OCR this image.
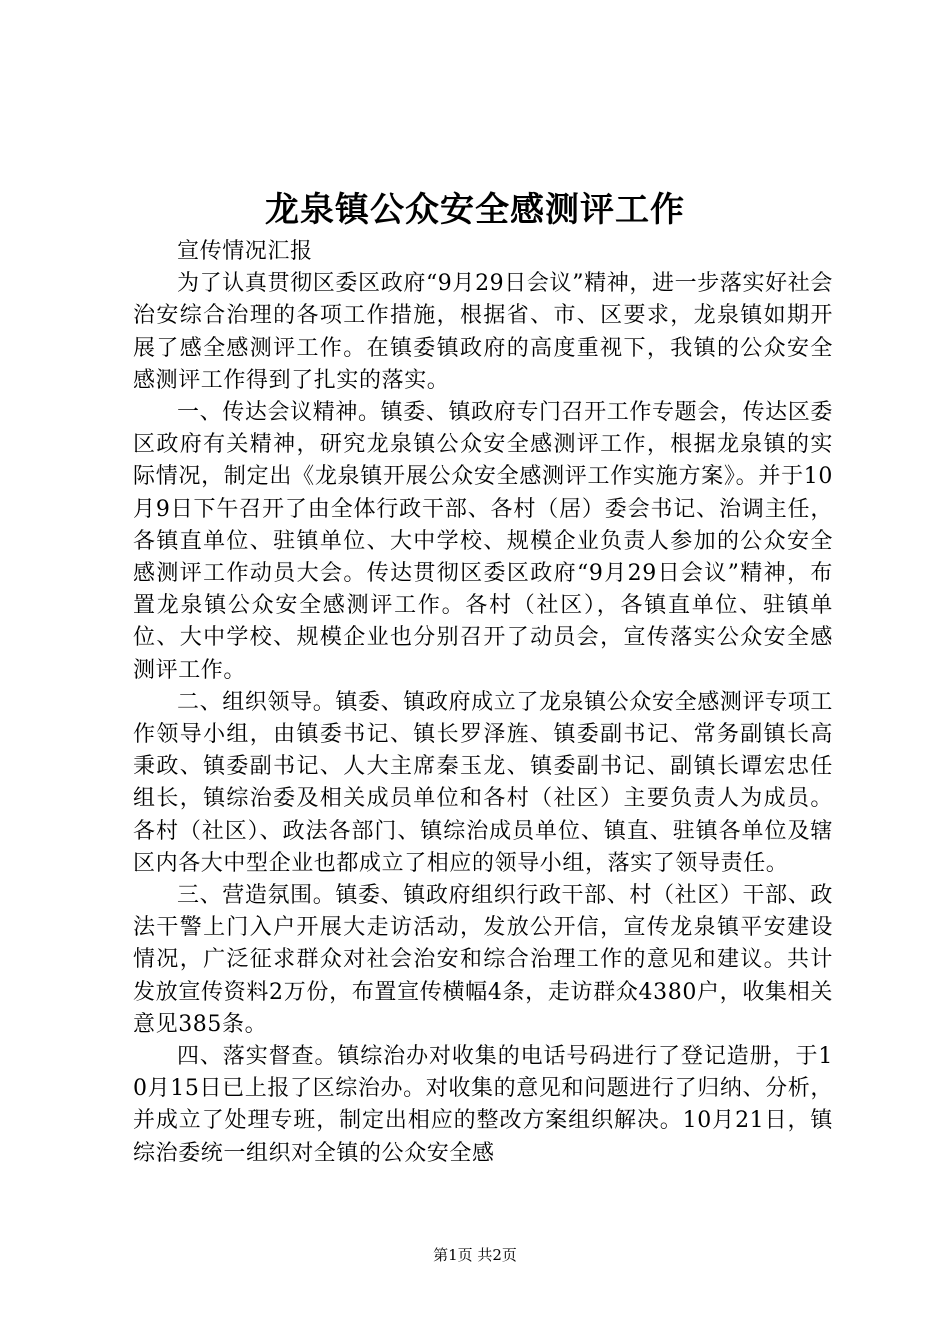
龙泉镇公众安全感测评工作

宣传情况汇报

为了认真贯彻区委区政府“9月29日会议”精神，进一步落实好社会治安综合治理的各项工作措施，根据省、市、区要求，龙泉镇如期开展了感全感测评工作。在镇委镇政府的高度重视下，我镇的公众安全感测评工作得到了扎实的落实。

一、传达会议精神。镇委、镇政府专门召开工作专题会，传达区委区政府有关精神，研究龙泉镇公众安全感测评工作，根据龙泉镇的实际情况，制定出《龙泉镇开展公众安全感测评工作实施方案》。并于10月9日下午召开了由全体行政干部、各村（居）委会书记、治调主任，各镇直单位、驻镇单位、大中学校、规模企业负责人参加的公众安全感测评工作动员大会。传达贯彻区委区政府“9月29日会议”精神，布置龙泉镇公众安全感测评工作。各村（社区），各镇直单位、驻镇单位、大中学校、规模企业也分别召开了动员会，宣传落实公众安全感测评工作。

二、组织领导。镇委、镇政府成立了龙泉镇公众安全感测评专项工作领导小组，由镇委书记、镇长罗泽旌、镇委副书记、常务副镇长高秉政、镇委副书记、人大主席秦玉龙、镇委副书记、副镇长谭宏忠任组长，镇综治委及相关成员单位和各村（社区）主要负责人为成员。各村（社区）、政法各部门、镇综治成员单位、镇直、驻镇各单位及辖区内各大中型企业也都成立了相应的领导小组，落实了领导责任。

三、营造氛围。镇委、镇政府组织行政干部、村（社区）干部、政法干警上门入户开展大走访活动，发放公开信，宣传龙泉镇平安建设情况，广泛征求群众对社会治安和综合治理工作的意见和建议。共计发放宣传资料2万份，布置宣传横幅4条，走访群众4380户，收集相关意见385条。

四、落实督查。镇综治办对收集的电话号码进行了登记造册，于10月15日已上报了区综治办。对收集的意见和问题进行了归纳、分析，并成立了处理专班，制定出相应的整改方案组织解决。10月21日，镇综治委统一组织对全镇的公众安全感

第1页 共2页
